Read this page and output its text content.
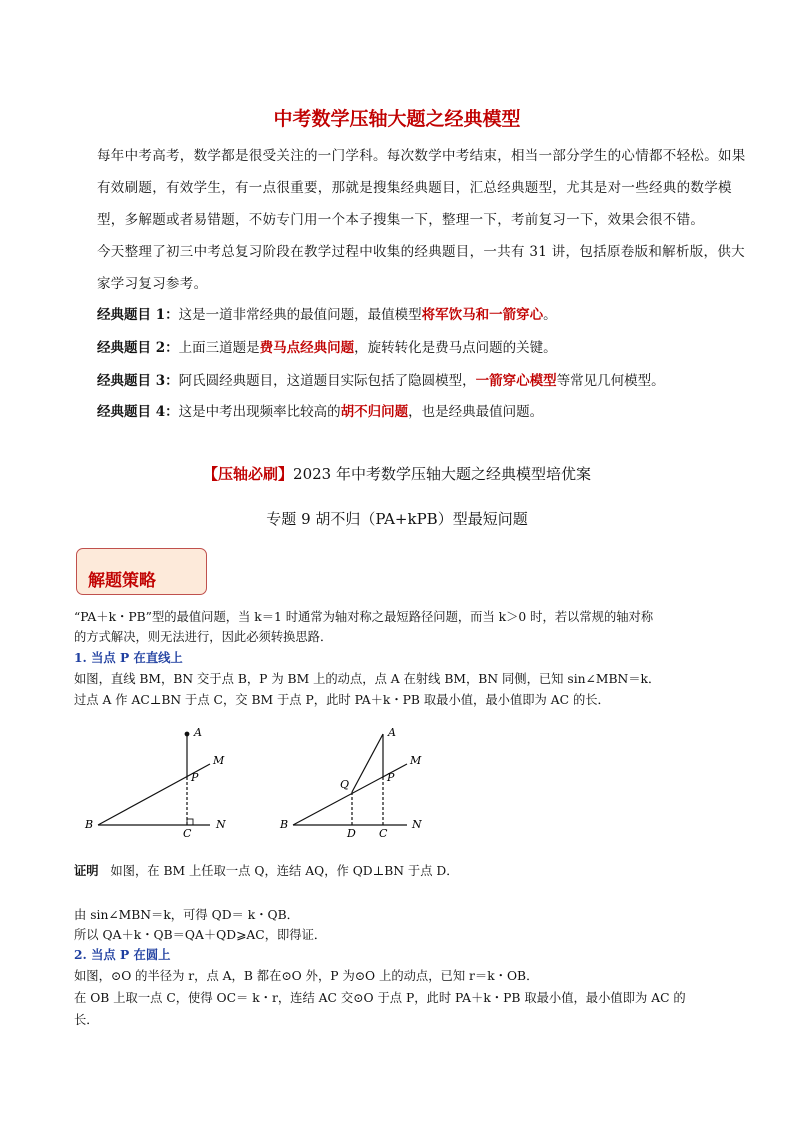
中考数学压轴大题之经典模型
每年中考高考，数学都是很受关注的一门学科。每次数学中考结束，相当一部分学生的心情都不轻松。如果有效刷题，有效学生，有一点很重要，那就是搜集经典题目，汇总经典题型，尤其是对一些经典的数学模型，多解题或者易错题，不妨专门用一个本子搜集一下，整理一下，考前复习一下，效果会很不错。
今天整理了初三中考总复习阶段在教学过程中收集的经典题目，一共有 31 讲，包括原卷版和解析版，供大家学习复习参考。
经典题目 1：这是一道非常经典的最值问题，最值模型将军饮马和一箭穿心。
经典题目 2：上面三道题是费马点经典问题，旋转转化是费马点问题的关键。
经典题目 3：阿氏圆经典题目，这道题目实际包括了隐圆模型，一箭穿心模型等常见几何模型。
经典题目 4：这是中考出现频率比较高的胡不归问题，也是经典最值问题。
【压轴必刷】2023 年中考数学压轴大题之经典模型培优案
专题 9 胡不归（PA+kPB）型最短问题
解题策略
“PA＋k・PB”型的最值问题，当 k＝1 时通常为轴对称之最短路径问题，而当 k＞0 时，若以常规的轴对称
的方式解决，则无法进行，因此必须转换思路．
1. 当点 P 在直线上
如图，直线 BM，BN 交于点 B，P 为 BM 上的动点，点 A 在射线 BM，BN 同侧，已知 sin∠MBN＝k．
过点 A 作 AC⊥BN 于点 C，交 BM 于点 P，此时 PA＋k・PB 取最小值，最小值即为 AC 的长．
A
M
P
B
C
N
A
M
P
Q
B
D C
N
证明 如图，在 BM 上任取一点 Q，连结 AQ，作 QD⊥BN 于点 D．
由 sin∠MBN＝k，可得 QD＝ k・QB．
所以 QA＋k・QB＝QA＋QD⩾AC，即得证．
2. 当点 P 在圆上
如图，⊙O 的半径为 r，点 A，B 都在⊙O 外，P 为⊙O 上的动点，已知 r＝k・OB．
在 OB 上取一点 C，使得 OC＝ k・r，连结 AC 交⊙O 于点 P，此时 PA＋k・PB 取最小值，最小值即为 AC 的
长．
